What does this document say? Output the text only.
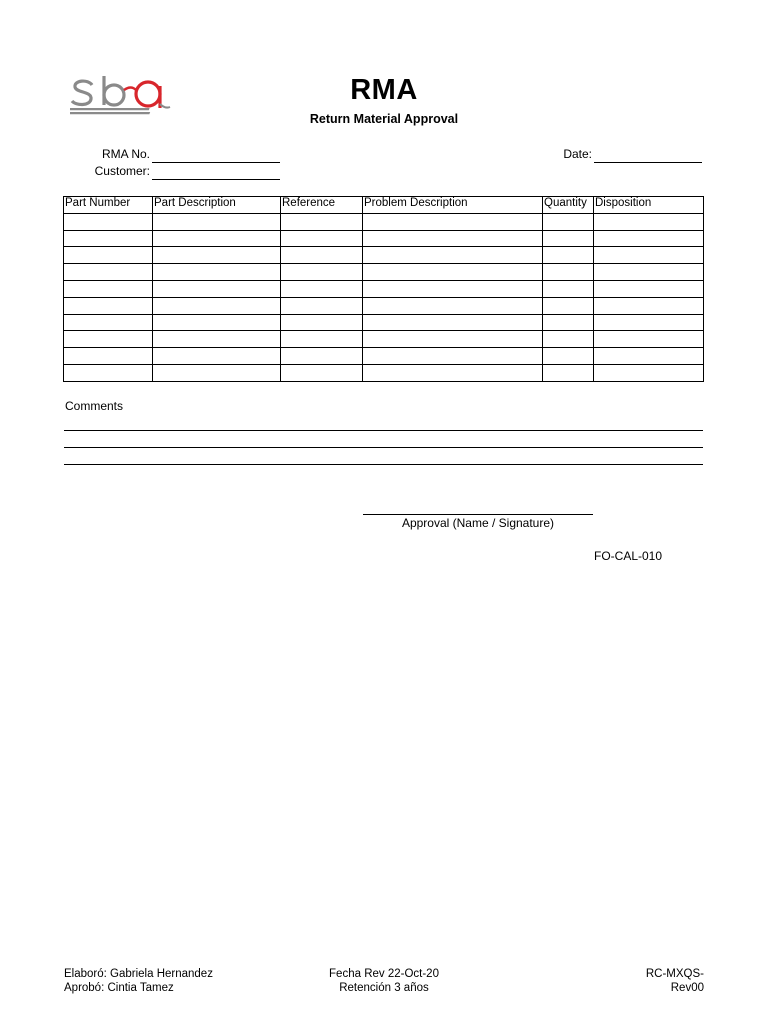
RMA
Return Material Approval
RMA No.
Customer:
Date:
Part Number	Part Description	Reference	Problem Description	Quantity	Disposition

Comments
Approval (Name / Signature)
FO-CAL-010
Elaboró: Gabriela Hernandez
Aprobó: Cintia Tamez
Fecha Rev 22-Oct-20
Retención 3 años
RC-MXQS-
Rev00
